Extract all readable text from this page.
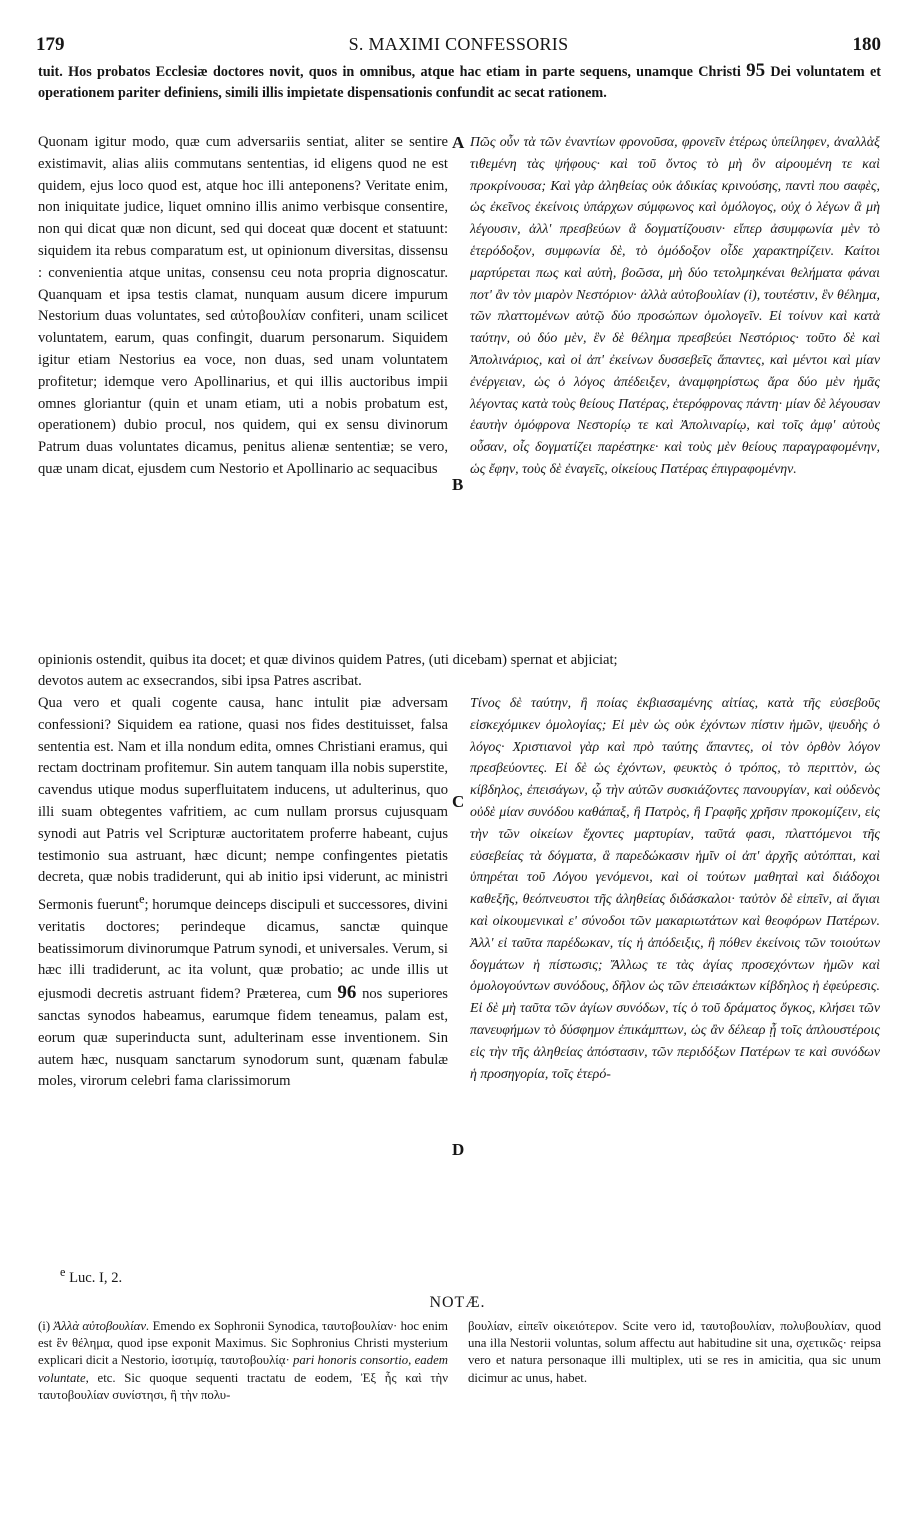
179	S. MAXIMI CONFESSORIS	180
tuit. Hos probatos Ecclesiæ doctores novit, quos in omnibus, atque hac etiam in parte sequens, unamque Christi 95 Dei voluntatem et operationem pariter definiens, simili illis impietate dispensationis confundit ac secat rationem.
A
B
C
D

Quonam igitur modo, quæ cum adversariis sentiat, aliter se sentire existimavit, alias aliis commutans sententias, id eligens quod ne est quidem, ejus loco quod est, atque hoc illi anteponens? Veritate enim, non iniquitate judice, liquet omnino illis animo verbisque consentire, non qui dicat quæ non dicunt, sed qui doceat quæ docent et statuunt: siquidem ita rebus comparatum est, ut opinionum diversitas, dissensu : convenientia atque unitas, consensu ceu nota propria dignoscatur. Quanquam et ipsa testis clamat, nunquam ausum dicere impurum Nestorium duas voluntates, sed αὐτοβουλίαν confiteri, unam scilicet voluntatem, earum, quas confingit, duarum personarum. Siquidem igitur etiam Nestorius ea voce, non duas, sed unam voluntatem profitetur; idemque vero Apollinarius, et qui illis auctoribus impii omnes gloriantur (quin et unam etiam, uti a nobis probatum est, operationem) dubio procul, nos quidem, qui ex sensu divinorum Patrum duas voluntates dicamus, penitus alienæ sententiæ; se vero, quæ unam dicat, ejusdem cum Nestorio et Apollinario ac sequacibus

Πῶς οὖν τὰ τῶν ἐναντίων φρονοῦσα, φρονεῖν ἑτέρως ὑπείληφεν, ἀναλλὰξ τιθεμένη τὰς ψήφους· καὶ τοῦ ὄντος τὸ μὴ ὂν αἱρουμένη τε καὶ προκρίνουσα; Καὶ γὰρ ἀληθείας οὐκ ἀδικίας κρινούσης, παντὶ που σαφὲς, ὡς ἐκεῖνος ἐκείνοις ὑπάρχων σύμφωνος καὶ ὁμόλογος, οὐχ ὁ λέγων ἃ μὴ λέγουσιν, ἀλλ' πρεσβεύων ἃ δογματίζουσιν· εἴπερ ἀσυμφωνία μὲν τὸ ἑτερόδοξον, συμφωνία δὲ, τὸ ὁμόδοξον οἶδε χαρακτηρίζειν. Καίτοι μαρτύρεται πως καὶ αὐτὴ, βοῶσα, μὴ δύο τετολμηκέναι θελήματα φάναι ποτ' ἂν τὸν μιαρὸν Νεστόριον· ἀλλὰ αὐτοβουλίαν (i), τουτέστιν, ἓν θέλημα, τῶν πλαττομένων αὐτῷ δύο προσώπων ὁμολογεῖν. Εἰ τοίνυν καὶ κατὰ ταύτην, οὐ δύο μὲν, ἓν δὲ θέλημα πρεσβεύει Νεστόριος· τοῦτο δὲ καὶ Ἀπολινάριος, καὶ οἱ ἀπ' ἐκείνων δυσσεβεῖς ἅπαντες, καὶ μέντοι καὶ μίαν ἐνέργειαν, ὡς ὁ λόγος ἀπέδειξεν, ἀναμφηρίστως ἄρα δύο μὲν ἡμᾶς λέγοντας κατὰ τοὺς θείους Πατέρας, ἑτερόφρονας πάντη· μίαν δὲ λέγουσαν ἑαυτὴν ὁμόφρονα Νεστορίῳ τε καὶ Ἀπολιναρίῳ, καὶ τοῖς ἀμφ' αὐτοὺς οὖσαν, οἷς δογματίζει παρέστηκε· καὶ τοὺς μὲν θείους παραγραφομένην, ὡς ἔφην, τοὺς δὲ ἐναγεῖς, οἰκείους Πατέρας ἐπιγραφομένην.

opinionis ostendit, quibus ita docet; et quæ divinos quidem Patres, (uti dicebam) spernat et abjiciat;
devotos autem ac exsecrandos, sibi ipsa Patres ascribat.

Qua vero et quali cogente causa, hanc intulit piæ adversam confessioni? Siquidem ea ratione, quasi nos fides destituisset, falsa sententia est. Nam et illa nondum edita, omnes Christiani eramus, qui rectam doctrinam profitemur. Sin autem tanquam illa nobis superstite, cavendus utique modus superfluitatem inducens, ut adulterinus, quo illi suam obtegentes vafritiem, ac cum nullam prorsus cujusquam synodi aut Patris vel Scripturæ auctoritatem proferre habeant, cujus testimonio sua astruant, hæc dicunt; nempe confingentes pietatis decreta, quæ nobis tradiderunt, qui ab initio ipsi viderunt, ac ministri Sermonis fuerunt$^e$; horumque deinceps discipuli et successores, divini veritatis doctores; perindeque dicamus, sanctæ quinque beatissimorum divinorumque Patrum synodi, et universales. Verum, si hæc illi tradiderunt, ac ita volunt, quæ probatio; ac unde illis ut ejusmodi decretis astruant fidem? Præterea, cum 96 nos superiores sanctas synodos habeamus, earumque fidem teneamus, palam est, eorum quæ superinducta sunt, adulterinam esse inventionem. Sin autem hæc, nusquam sanctarum synodorum sunt, quænam fabulæ moles, virorum celebri fama clarissimorum

Τίνος δὲ ταύτην, ἢ ποίας ἐκβιασαμένης αἰτίας, κατὰ τῆς εὐσεβοῦς εἰσκεχόμικεν ὁμολογίας; Εἰ μὲν ὡς οὐκ ἐχόντων πίστιν ἡμῶν, ψευδὴς ὁ λόγος· Χριστιανοὶ γὰρ καὶ πρὸ ταύτης ἅπαντες, οἱ τὸν ὀρθὸν λόγον πρεσβεύοντες. Εἰ δὲ ὡς ἐχόντων, φευκτὸς ὁ τρόπος, τὸ περιττὸν, ὡς κίβδηλος, ἐπεισάγων, ᾧ τὴν αὐτῶν συσκιάζοντες πανουργίαν, καὶ οὐδενὸς οὐδὲ μίαν συνόδου καθάπαξ, ἢ Πατρὸς, ἢ Γραφῆς χρῆσιν προκομίζειν, εἰς τὴν τῶν οἰκείων ἔχοντες μαρτυρίαν, ταῦτά φασι, πλαττόμενοι τῆς εὐσεβείας τὰ δόγματα, ἃ παρεδώκασιν ἡμῖν οἱ ἀπ' ἀρχῆς αὐτόπται, καὶ ὑπηρέται τοῦ Λόγου γενόμενοι, καὶ οἱ τούτων μαθηταὶ καὶ διάδοχοι καθεξῆς, θεόπνευστοι τῆς ἀληθείας διδάσκαλοι· ταὐτὸν δὲ εἰπεῖν, αἱ ἅγιαι καὶ οἰκουμενικαὶ ε' σύνοδοι τῶν μακαριωτάτων καὶ θεοφόρων Πατέρων. Ἀλλ' εἰ ταῦτα παρέδωκαν, τίς ἡ ἀπόδειξις, ἢ πόθεν ἐκείνοις τῶν τοιούτων δογμάτων ἡ πίστωσις; Ἄλλως τε τὰς ἁγίας προσεχόντων ἡμῶν καὶ ὁμολογούντων συνόδους, δῆλον ὡς τῶν ἐπεισάκτων κίβδηλος ἡ ἐφεύρεσις. Εἰ δὲ μὴ ταῦτα τῶν ἁγίων συνόδων, τίς ὁ τοῦ δράματος ὄγκος, κλήσει τῶν πανευφήμων τὸ δύσφημον ἐπικάμπτων, ὡς ἂν δέλεαρ ᾖ τοῖς ἁπλουστέροις εἰς τὴν τῆς ἀληθείας ἀπόστασιν, τῶν περιδόξων Πατέρων τε καὶ συνόδων ἡ προσηγορία, τοῖς ἑτερό-

$^e$ Luc. I, 2.
NOTÆ.

(i) Ἀλλὰ αὐτοβουλίαν. Emendo ex Sophronii Synodica, ταυτοβουλίαν· hoc enim est ἓν θέλημα, quod ipse exponit Maximus. Sic Sophronius Christi mysterium explicari dicit a Nestorio, ἰσοτιμίᾳ, ταυτοβουλίᾳ· pari honoris consortio, eadem voluntate, etc. Sic quoque sequenti tractatu de eodem, Ἐξ ἧς καὶ τὴν ταυτοβουλίαν συνίστησι, ἢ τὴν πολυ-

βουλίαν, εἰπεῖν οἰκειότερον. Scite vero id, ταυτοβουλίαν, πολυβουλίαν, quod una illa Nestorii voluntas, solum affectu aut habitudine sit una, σχετικῶς· reipsa vero et natura personaque illi multiplex, uti se res in amicitia, qua sic unum dicimur ac unus, habet.
